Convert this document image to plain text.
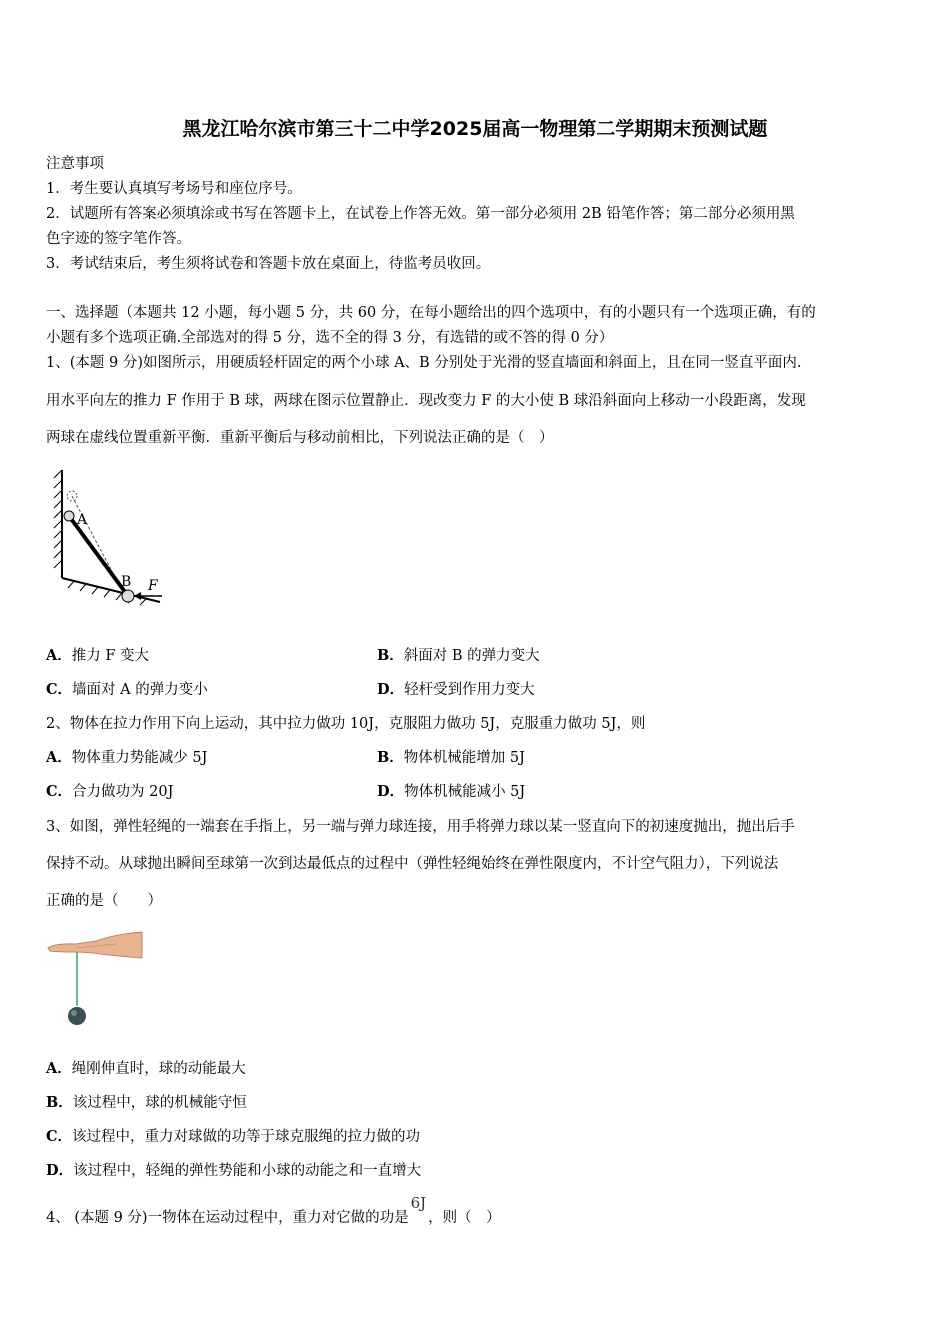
黑龙江哈尔滨市第三十二中学2025届高一物理第二学期期末预测试题
注意事项
1．考生要认真填写考场号和座位序号。
2．试题所有答案必须填涂或书写在答题卡上，在试卷上作答无效。第一部分必须用 2B 铅笔作答；第二部分必须用黑
色字迹的签字笔作答。
3．考试结束后，考生须将试卷和答题卡放在桌面上，待监考员收回。
一、选择题（本题共 12 小题，每小题 5 分，共 60 分，在每小题给出的四个选项中，有的小题只有一个选项正确，有的
小题有多个选项正确.全部选对的得 5 分，选不全的得 3 分，有选错的或不答的得 0 分）
1、(本题 9 分)如图所示，用硬质轻杆固定的两个小球 A、B 分别处于光滑的竖直墙面和斜面上，且在同一竖直平面内.
用水平向左的推力 F 作用于 B 球，两球在图示位置静止．现改变力 F 的大小使 B 球沿斜面向上移动一小段距离，发现
两球在虚线位置重新平衡．重新平衡后与移动前相比，下列说法正确的是（　）
A
B F
A．推力 F 变大	B．斜面对 B 的弹力变大
C．墙面对 A 的弹力变小	D．轻杆受到作用力变大
2、物体在拉力作用下向上运动，其中拉力做功 10J，克服阻力做功 5J，克服重力做功 5J，则
A．物体重力势能减少 5J	B．物体机械能增加 5J
C．合力做功为 20J	D．物体机械能减小 5J
3、如图，弹性轻绳的一端套在手指上，另一端与弹力球连接，用手将弹力球以某一竖直向下的初速度抛出，抛出后手
保持不动。从球抛出瞬间至球第一次到达最低点的过程中（弹性轻绳始终在弹性限度内，不计空气阻力），下列说法
正确的是（　　）
A．绳刚伸直时，球的动能最大
B．该过程中，球的机械能守恒
C．该过程中，重力对球做的功等于球克服绳的拉力做的功
D．该过程中，轻绳的弹性势能和小球的动能之和一直增大
4、 (本题 9 分)一物体在运动过程中，重力对它做的功是6J，则（　）
